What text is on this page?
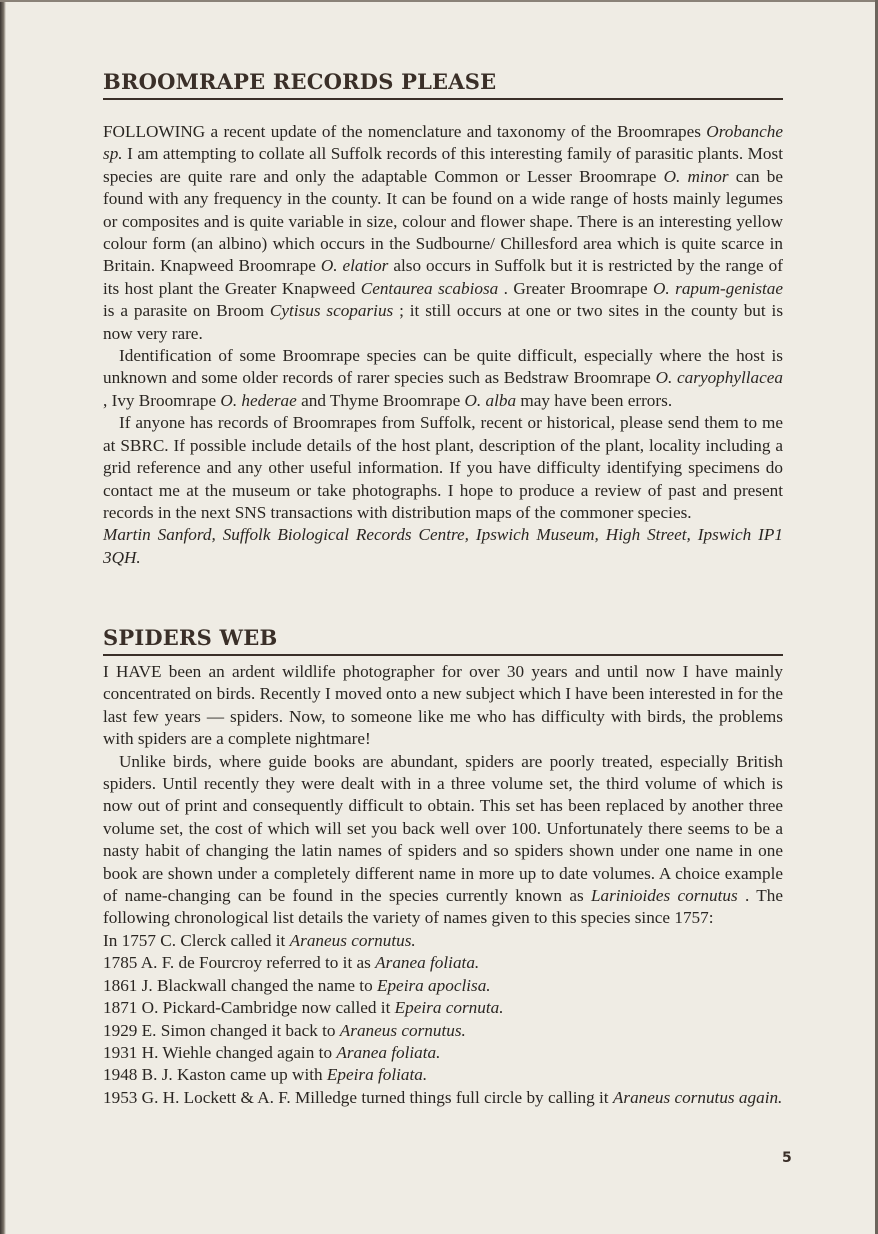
BROOMRAPE RECORDS PLEASE

FOLLOWING a recent update of the nomenclature and taxonomy of the Broomrapes Orobanche sp. I am attempting to collate all Suffolk records of this interesting family of parasitic plants. Most species are quite rare and only the adaptable Common or Lesser Broomrape O. minor can be found with any frequency in the county. It can be found on a wide range of hosts mainly legumes or composites and is quite variable in size, colour and flower shape. There is an interesting yellow colour form (an albino) which occurs in the Sudbourne/ Chillesford area which is quite scarce in Britain. Knapweed Broomrape O. elatior also occurs in Suffolk but it is restricted by the range of its host plant the Greater Knapweed Centaurea scabiosa . Greater Broomrape O. rapum-genistae is a parasite on Broom Cytisus scoparius ; it still occurs at one or two sites in the county but is now very rare.

Identification of some Broomrape species can be quite difficult, especially where the host is unknown and some older records of rarer species such as Bedstraw Broomrape O. caryophyllacea , Ivy Broomrape O. hederae and Thyme Broomrape O. alba may have been errors.

If anyone has records of Broomrapes from Suffolk, recent or historical, please send them to me at SBRC. If possible include details of the host plant, description of the plant, locality including a grid reference and any other useful information. If you have difficulty identifying specimens do contact me at the museum or take photographs. I hope to produce a review of past and present records in the next SNS transactions with distribution maps of the commoner species.

Martin Sanford, Suffolk Biological Records Centre, Ipswich Museum, High Street, Ipswich IP1 3QH.

SPIDERS WEB

I HAVE been an ardent wildlife photographer for over 30 years and until now I have mainly concentrated on birds. Recently I moved onto a new subject which I have been interested in for the last few years — spiders. Now, to someone like me who has difficulty with birds, the problems with spiders are a complete nightmare!

Unlike birds, where guide books are abundant, spiders are poorly treated, especially British spiders. Until recently they were dealt with in a three volume set, the third volume of which is now out of print and consequently difficult to obtain. This set has been replaced by another three volume set, the cost of which will set you back well over 100. Unfortunately there seems to be a nasty habit of changing the latin names of spiders and so spiders shown under one name in one book are shown under a completely different name in more up to date volumes. A choice example of name-changing can be found in the species currently known as Larinioides cornutus . The following chronological list details the variety of names given to this species since 1757:

In 1757 C. Clerck called it Araneus cornutus.

1785 A. F. de Fourcroy referred to it as Aranea foliata.

1861 J. Blackwall changed the name to Epeira apoclisa.

1871 O. Pickard-Cambridge now called it Epeira cornuta.

1929 E. Simon changed it back to Araneus cornutus.

1931 H. Wiehle changed again to Aranea foliata.

1948 B. J. Kaston came up with Epeira foliata.

1953 G. H. Lockett & A. F. Milledge turned things full circle by calling it Araneus cornutus again.

5
